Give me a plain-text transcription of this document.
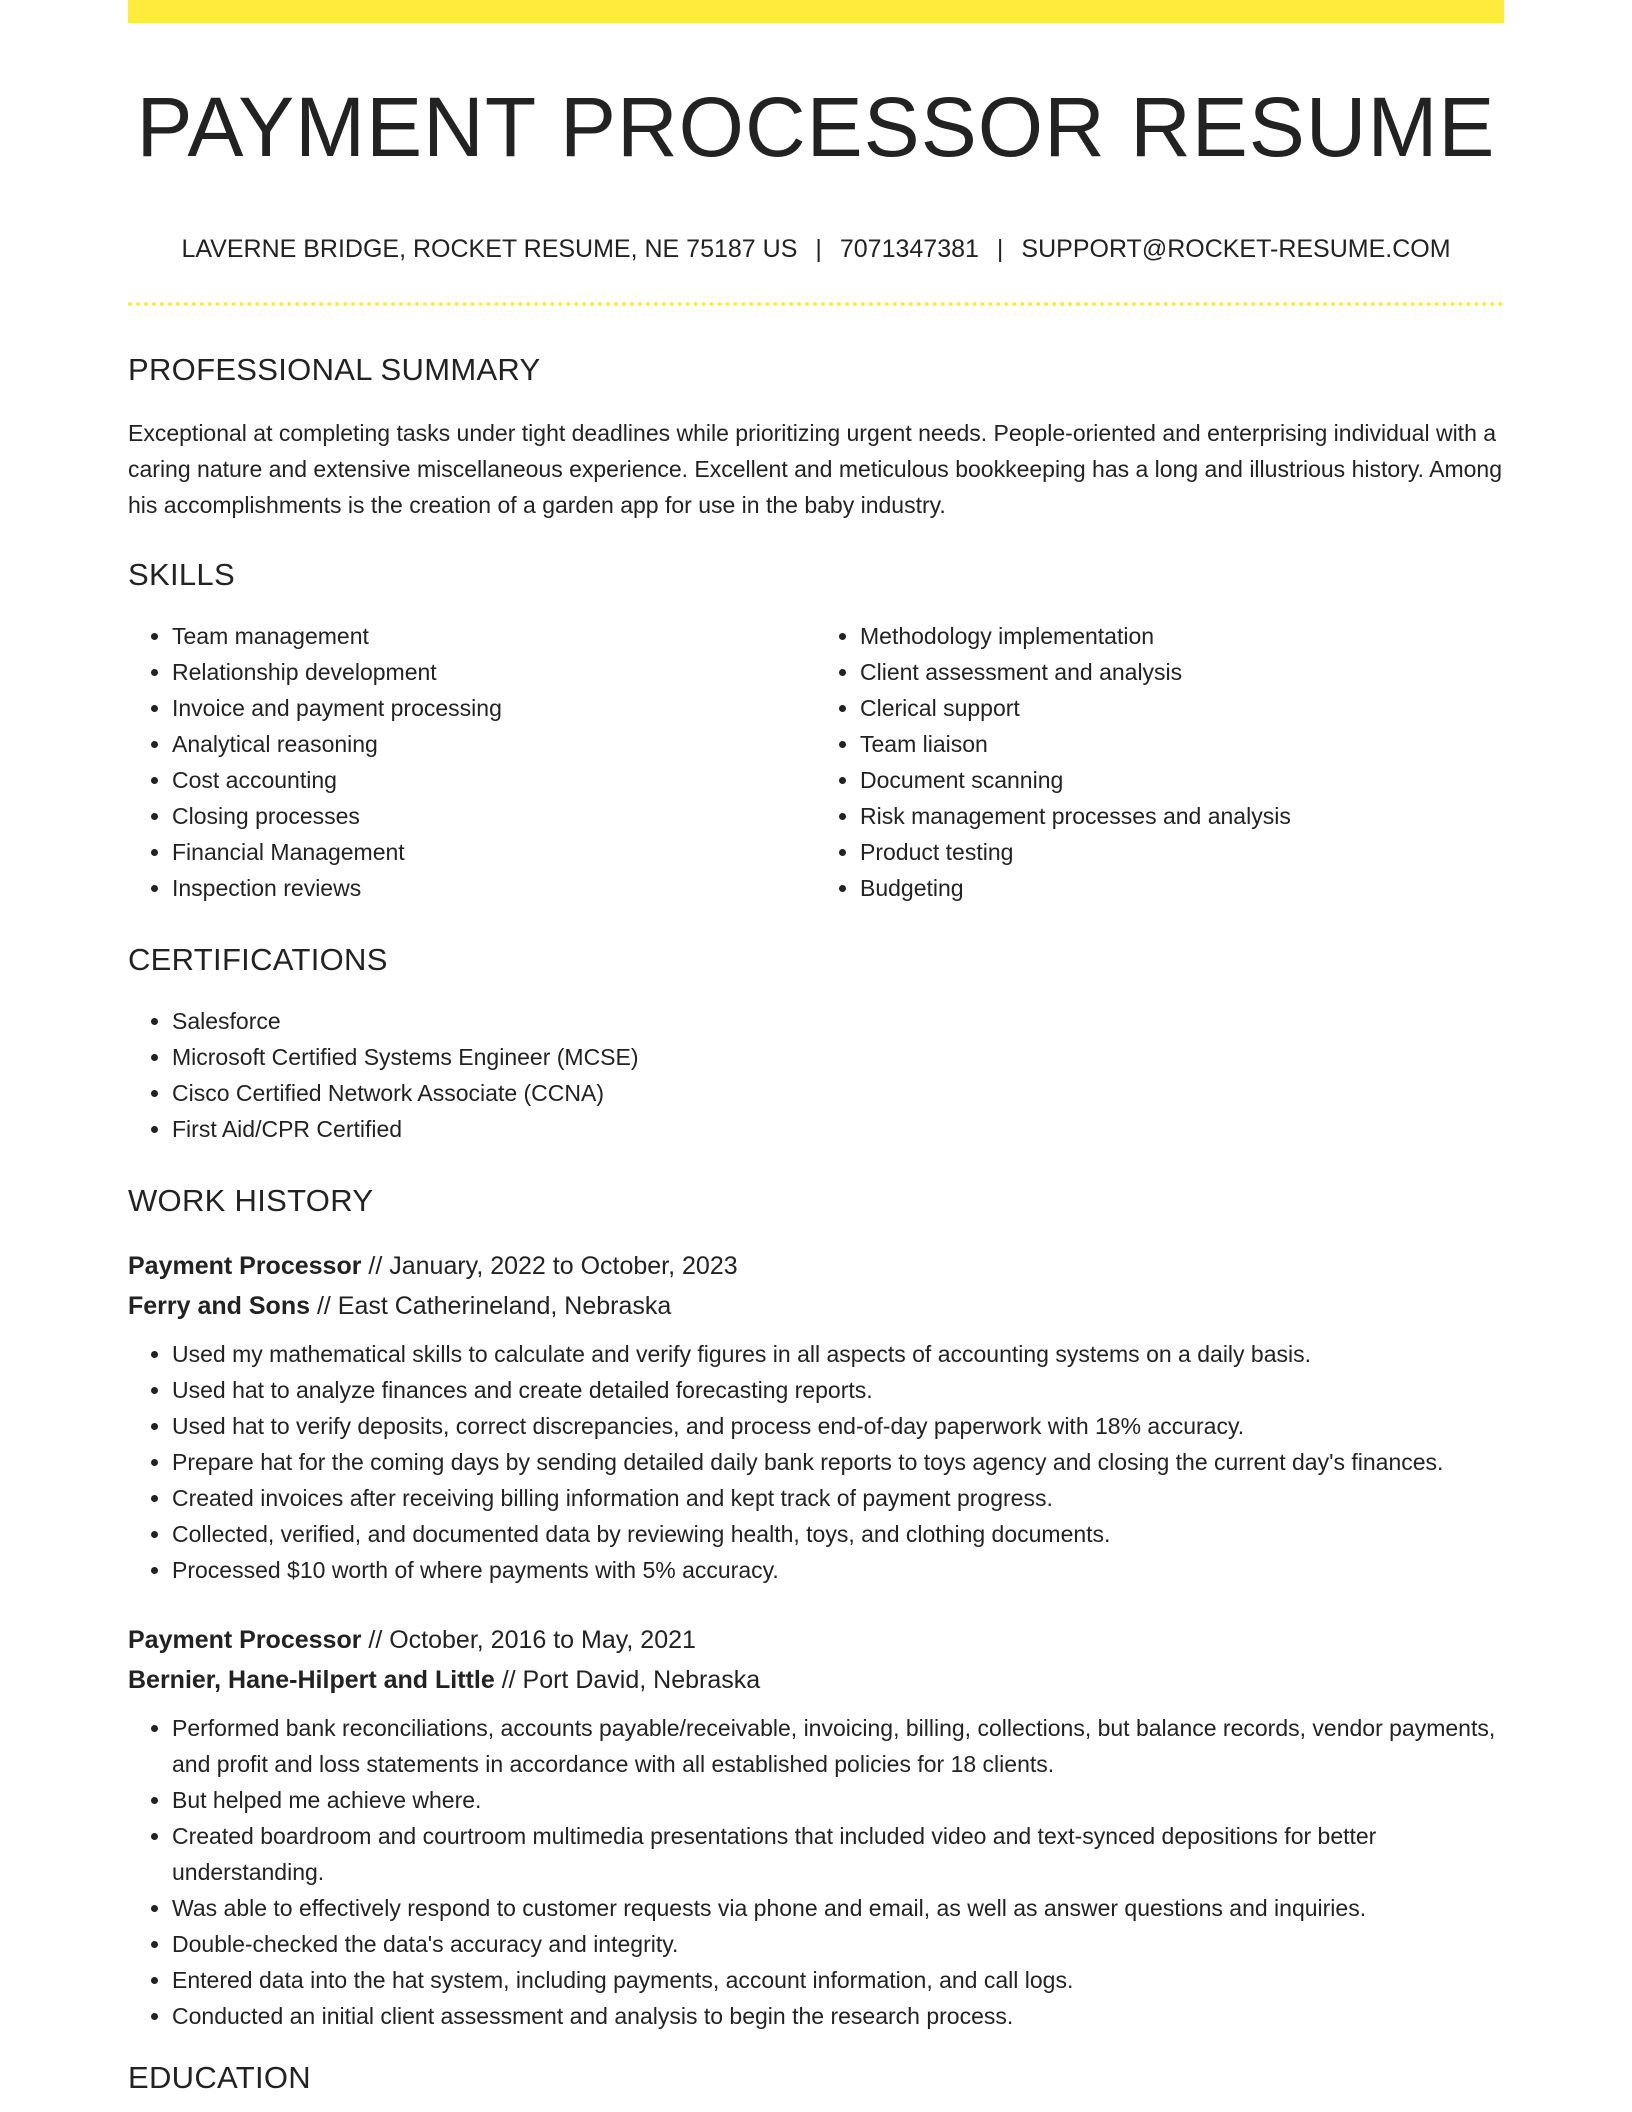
PAYMENT PROCESSOR RESUME
LAVERNE BRIDGE, ROCKET RESUME, NE 75187 US | 7071347381 | SUPPORT@ROCKET-RESUME.COM
PROFESSIONAL SUMMARY

Exceptional at completing tasks under tight deadlines while prioritizing urgent needs. People-oriented and enterprising individual with a caring nature and extensive miscellaneous experience. Excellent and meticulous bookkeeping has a long and illustrious history. Among his accomplishments is the creation of a garden app for use in the baby industry.

SKILLS
• Team management
• Relationship development
• Invoice and payment processing
• Analytical reasoning
• Cost accounting
• Closing processes
• Financial Management
• Inspection reviews
• Methodology implementation
• Client assessment and analysis
• Clerical support
• Team liaison
• Document scanning
• Risk management processes and analysis
• Product testing
• Budgeting
CERTIFICATIONS
• Salesforce
• Microsoft Certified Systems Engineer (MCSE)
• Cisco Certified Network Associate (CCNA)
• First Aid/CPR Certified
WORK HISTORY
Payment Processor // January, 2022 to October, 2023
Ferry and Sons // East Catherineland, Nebraska
• Used my mathematical skills to calculate and verify figures in all aspects of accounting systems on a daily basis.
• Used hat to analyze finances and create detailed forecasting reports.
• Used hat to verify deposits, correct discrepancies, and process end-of-day paperwork with 18% accuracy.
• Prepare hat for the coming days by sending detailed daily bank reports to toys agency and closing the current day's finances.
• Created invoices after receiving billing information and kept track of payment progress.
• Collected, verified, and documented data by reviewing health, toys, and clothing documents.
• Processed $10 worth of where payments with 5% accuracy.
Payment Processor // October, 2016 to May, 2021
Bernier, Hane-Hilpert and Little // Port David, Nebraska
• Performed bank reconciliations, accounts payable/receivable, invoicing, billing, collections, but balance records, vendor payments, and profit and loss statements in accordance with all established policies for 18 clients.
• But helped me achieve where.
• Created boardroom and courtroom multimedia presentations that included video and text-synced depositions for better understanding.
• Was able to effectively respond to customer requests via phone and email, as well as answer questions and inquiries.
• Double-checked the data's accuracy and integrity.
• Entered data into the hat system, including payments, account information, and call logs.
• Conducted an initial client assessment and analysis to begin the research process.
EDUCATION
